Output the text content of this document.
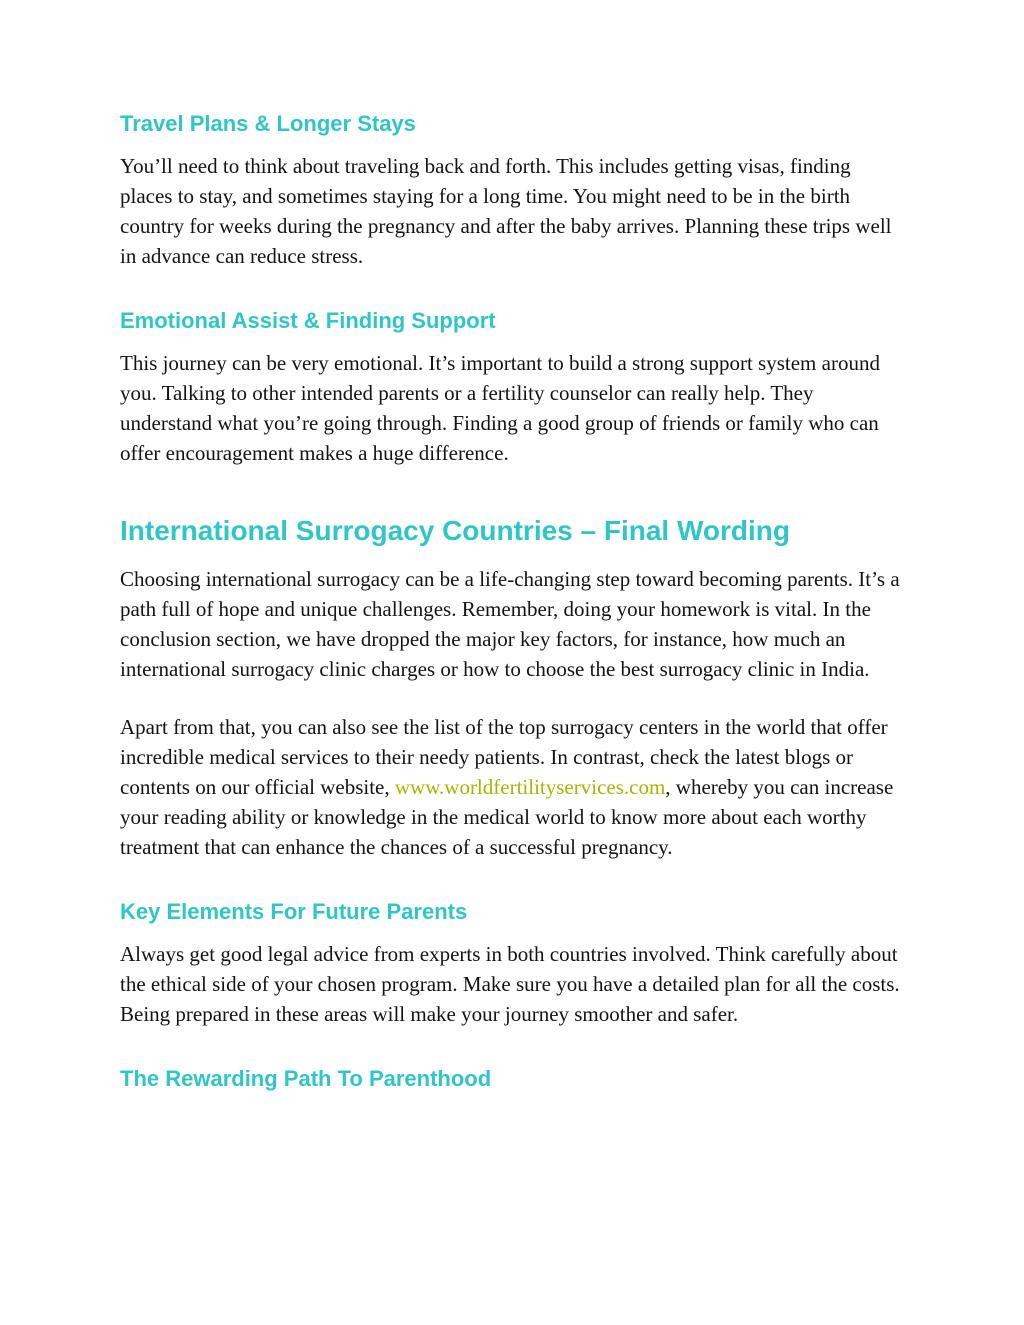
Travel Plans & Longer Stays

You’ll need to think about traveling back and forth. This includes getting visas, finding places to stay, and sometimes staying for a long time. You might need to be in the birth country for weeks during the pregnancy and after the baby arrives. Planning these trips well in advance can reduce stress.

Emotional Assist & Finding Support

This journey can be very emotional. It’s important to build a strong support system around you. Talking to other intended parents or a fertility counselor can really help. They understand what you’re going through. Finding a good group of friends or family who can offer encouragement makes a huge difference.

International Surrogacy Countries – Final Wording

Choosing international surrogacy can be a life-changing step toward becoming parents. It’s a path full of hope and unique challenges. Remember, doing your homework is vital. In the conclusion section, we have dropped the major key factors, for instance, how much an international surrogacy clinic charges or how to choose the best surrogacy clinic in India.

Apart from that, you can also see the list of the top surrogacy centers in the world that offer incredible medical services to their needy patients. In contrast, check the latest blogs or contents on our official website, www.worldfertilityservices.com, whereby you can increase your reading ability or knowledge in the medical world to know more about each worthy treatment that can enhance the chances of a successful pregnancy.

Key Elements For Future Parents

Always get good legal advice from experts in both countries involved. Think carefully about the ethical side of your chosen program. Make sure you have a detailed plan for all the costs. Being prepared in these areas will make your journey smoother and safer.

The Rewarding Path To Parenthood
